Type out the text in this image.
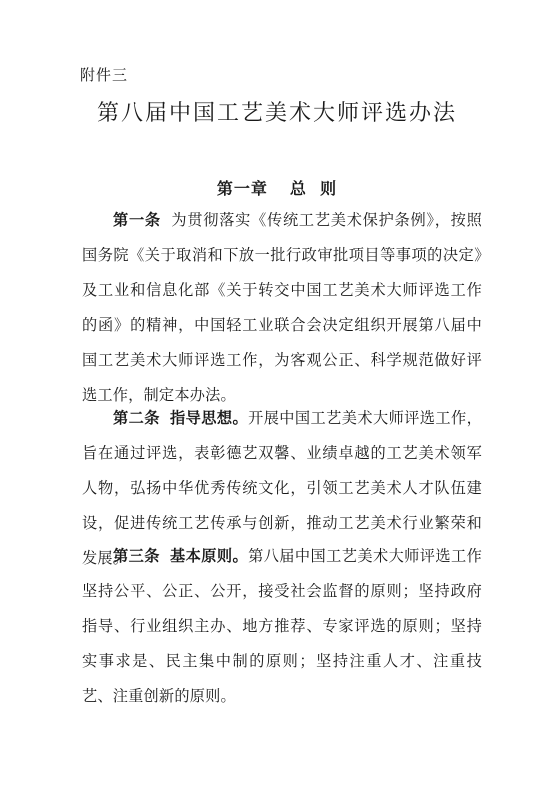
附件三
第八届中国工艺美术大师评选办法
第一章 总  则
第一条 为贯彻落实《传统工艺美术保护条例》，按照国务院《关于取消和下放一批行政审批项目等事项的决定》及工业和信息化部《关于转交中国工艺美术大师评选工作的函》的精神，中国轻工业联合会决定组织开展第八届中国工艺美术大师评选工作，为客观公正、科学规范做好评选工作，制定本办法。
第二条 指导思想。开展中国工艺美术大师评选工作，旨在通过评选，表彰德艺双馨、业绩卓越的工艺美术领军人物，弘扬中华优秀传统文化，引领工艺美术人才队伍建设，促进传统工艺传承与创新，推动工艺美术行业繁荣和发展。
第三条 基本原则。第八届中国工艺美术大师评选工作坚持公平、公正、公开，接受社会监督的原则；坚持政府指导、行业组织主办、地方推荐、专家评选的原则；坚持实事求是、民主集中制的原则；坚持注重人才、注重技艺、注重创新的原则。
